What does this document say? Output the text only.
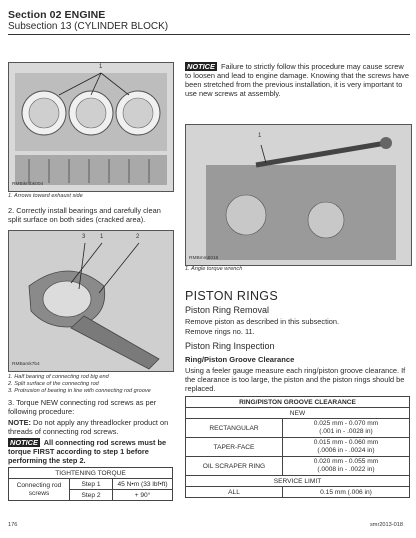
Section 02 ENGINE
Subsection 13 (CYLINDER BLOCK)
1
RMBikmbk004
1. Arrows toward exhaust side
2. Correctly install bearings and carefully clean split surface on both sides (cracked area).
3 1	2
RMBamk7b4
1. Half bearing of connecting rod big end
2. Split surface of the connecting rod
3. Protrusion of bearing in line with connecting rod groove
3. Torque NEW connecting rod screws as per following procedure:
NOTE: Do not apply any threadlocker product on threads of connecting rod screws.
NOTICE All connecting rod screws must be torque FIRST according to step 1 before performing the step 2.
TIGHTENING TORQUE		
Connecting rod screws	Step 1	45 N•m (33 lbf•ft)
	Step 2	+ 90°
NOTICE Failure to strictly follow this procedure may cause screw to loosen and lead to engine damage. Knowing that the screws have been stretched from the previous installation, it is very important to use new screws at assembly.
1
RMBmm5016
1. Angle torque wrench
PISTON RINGS
Piston Ring Removal
Remove piston as described in this subsection.
Remove rings no. 11.
Piston Ring Inspection
Ring/Piston Groove Clearance
Using a feeler gauge measure each ring/piston groove clearance. If the clearance is too large, the piston and the piston rings should be replaced.
RING/PISTON GROOVE CLEARANCE	
NEW	
RECTANGULAR	0.025 mm - 0.070 mm
(.001 in - .0028 in)

TAPER-FACE	0.015 mm - 0.060 mm
(.0006 in - .0024 in)

OIL SCRAPER RING	0.020 mm - 0.055 mm
(.0008 in - .0022 in)

SERVICE LIMIT	
ALL	0.15 mm (.006 in)
176	smr2013-018
